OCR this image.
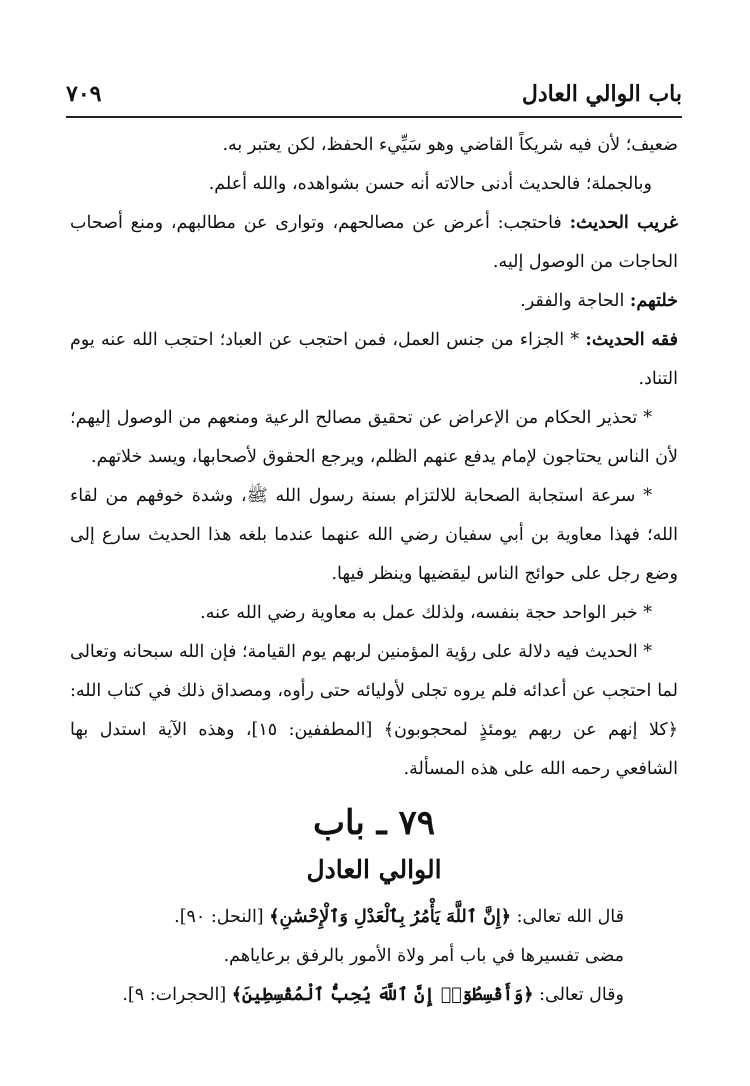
باب الوالي العادل
٧٠٩

ضعيف؛ لأن فيه شريكاً القاضي وهو سَيِّيء الحفظ، لكن يعتبر به.

وبالجملة؛ فالحديث أدنى حالاته أنه حسن بشواهده، والله أعلم.

غريب الحديث: فاحتجب: أعرض عن مصالحهم، وتوارى عن مطالبهم، ومنع أصحاب الحاجات من الوصول إليه.

خلتهم: الحاجة والفقر.

فقه الحديث: * الجزاء من جنس العمل، فمن احتجب عن العباد؛ احتجب الله عنه يوم التناد.

* تحذير الحكام من الإعراض عن تحقيق مصالح الرعية ومنعهم من الوصول إليهم؛ لأن الناس يحتاجون لإمام يدفع عنهم الظلم، ويرجع الحقوق لأصحابها، ويسد خلاتهم.

* سرعة استجابة الصحابة للالتزام بسنة رسول الله ﷺ، وشدة خوفهم من لقاء الله؛ فهذا معاوية بن أبي سفيان رضي الله عنهما عندما بلغه هذا الحديث سارع إلى وضع رجل على حوائج الناس ليقضيها وينظر فيها.

* خبر الواحد حجة بنفسه، ولذلك عمل به معاوية رضي الله عنه.

* الحديث فيه دلالة على رؤية المؤمنين لربهم يوم القيامة؛ فإن الله سبحانه وتعالى لما احتجب عن أعدائه فلم يروه تجلى لأوليائه حتى رأوه، ومصداق ذلك في كتاب الله: ﴿كلا إنهم عن ربهم يومئذٍ لمحجوبون﴾ [المطففين: ١٥]، وهذه الآية استدل بها الشافعي رحمه الله على هذه المسألة.

٧٩ ـ باب
الوالي العادل

قال الله تعالى: ﴿إِنَّ ٱللَّهَ يَأْمُرُ بِٱلْعَدْلِ وَٱلْإِحْسَٰنِ﴾ [النحل: ٩٠].

مضى تفسيرها في باب أمر ولاة الأمور بالرفق برعاياهم.

وقال تعالى: ﴿وَأَقْسِطُوٓا۟ إِنَّ ٱللَّهَ يُحِبُّ ٱلْمُقْسِطِينَ﴾ [الحجرات: ٩].
